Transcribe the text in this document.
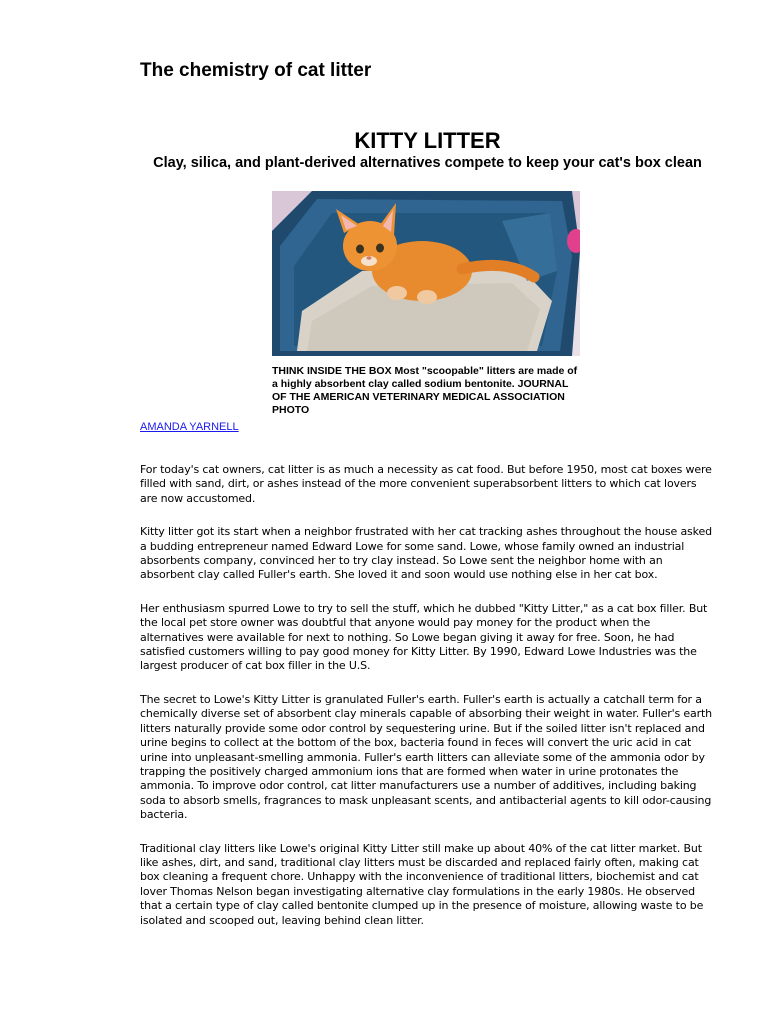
The chemistry of cat litter
KITTY LITTER
Clay, silica, and plant-derived alternatives compete to keep your cat's box clean
THINK INSIDE THE BOX Most "scoopable" litters are made of a highly absorbent clay called sodium bentonite. JOURNAL OF THE AMERICAN VETERINARY MEDICAL ASSOCIATION PHOTO
AMANDA YARNELL

For today's cat owners, cat litter is as much a necessity as cat food. But before 1950, most cat boxes were filled with sand, dirt, or ashes instead of the more convenient superabsorbent litters to which cat lovers are now accustomed.

Kitty litter got its start when a neighbor frustrated with her cat tracking ashes throughout the house asked a budding entrepreneur named Edward Lowe for some sand. Lowe, whose family owned an industrial absorbents company, convinced her to try clay instead. So Lowe sent the neighbor home with an absorbent clay called Fuller's earth. She loved it and soon would use nothing else in her cat box.

Her enthusiasm spurred Lowe to try to sell the stuff, which he dubbed "Kitty Litter," as a cat box filler. But the local pet store owner was doubtful that anyone would pay money for the product when the alternatives were available for next to nothing. So Lowe began giving it away for free. Soon, he had satisfied customers willing to pay good money for Kitty Litter. By 1990, Edward Lowe Industries was the largest producer of cat box filler in the U.S.

The secret to Lowe's Kitty Litter is granulated Fuller's earth. Fuller's earth is actually a catchall term for a chemically diverse set of absorbent clay minerals capable of absorbing their weight in water. Fuller's earth litters naturally provide some odor control by sequestering urine. But if the soiled litter isn't replaced and urine begins to collect at the bottom of the box, bacteria found in feces will convert the uric acid in cat urine into unpleasant-smelling ammonia. Fuller's earth litters can alleviate some of the ammonia odor by trapping the positively charged ammonium ions that are formed when water in urine protonates the ammonia. To improve odor control, cat litter manufacturers use a number of additives, including baking soda to absorb smells, fragrances to mask unpleasant scents, and antibacterial agents to kill odor-causing bacteria.

Traditional clay litters like Lowe's original Kitty Litter still make up about 40% of the cat litter market. But like ashes, dirt, and sand, traditional clay litters must be discarded and replaced fairly often, making cat box cleaning a frequent chore. Unhappy with the inconvenience of traditional litters, biochemist and cat lover Thomas Nelson began investigating alternative clay formulations in the early 1980s. He observed that a certain type of clay called bentonite clumped up in the presence of moisture, allowing waste to be isolated and scooped out, leaving behind clean litter.
